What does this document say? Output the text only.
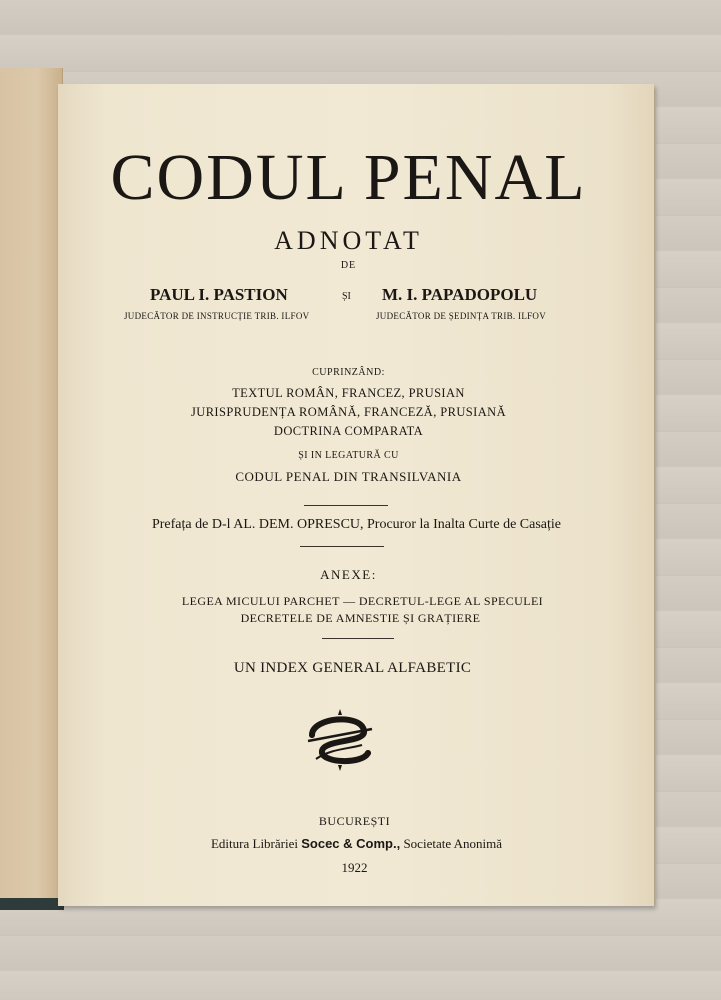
CODUL PENAL
ADNOTAT
DE
PAUL I. PASTION	ȘI M. I. PAPADOPOLU
JUDECĂTOR DE INSTRUCȚIE TRIB. ILFOV	JUDECĂTOR DE ȘEDINȚA TRIB. ILFOV
CUPRINZÂND:
TEXTUL ROMÂN, FRANCEZ, PRUSIAN
JURISPRUDENȚA ROMÂNĂ, FRANCEZĂ, PRUSIANĂ
DOCTRINA COMPARATA
ȘI IN LEGATURĂ CU
CODUL PENAL DIN TRANSILVANIA
Prefața de D-l AL. DEM. OPRESCU, Procuror la Inalta Curte de Casație
ANEXE:
LEGEA MICULUI PARCHET — DECRETUL-LEGE AL SPECULEI
DECRETELE DE AMNESTIE ȘI GRAȚIERE
UN INDEX GENERAL ALFABETIC
BUCUREȘTI
Editura Librăriei Socec & Comp., Societate Anonimă
1922
